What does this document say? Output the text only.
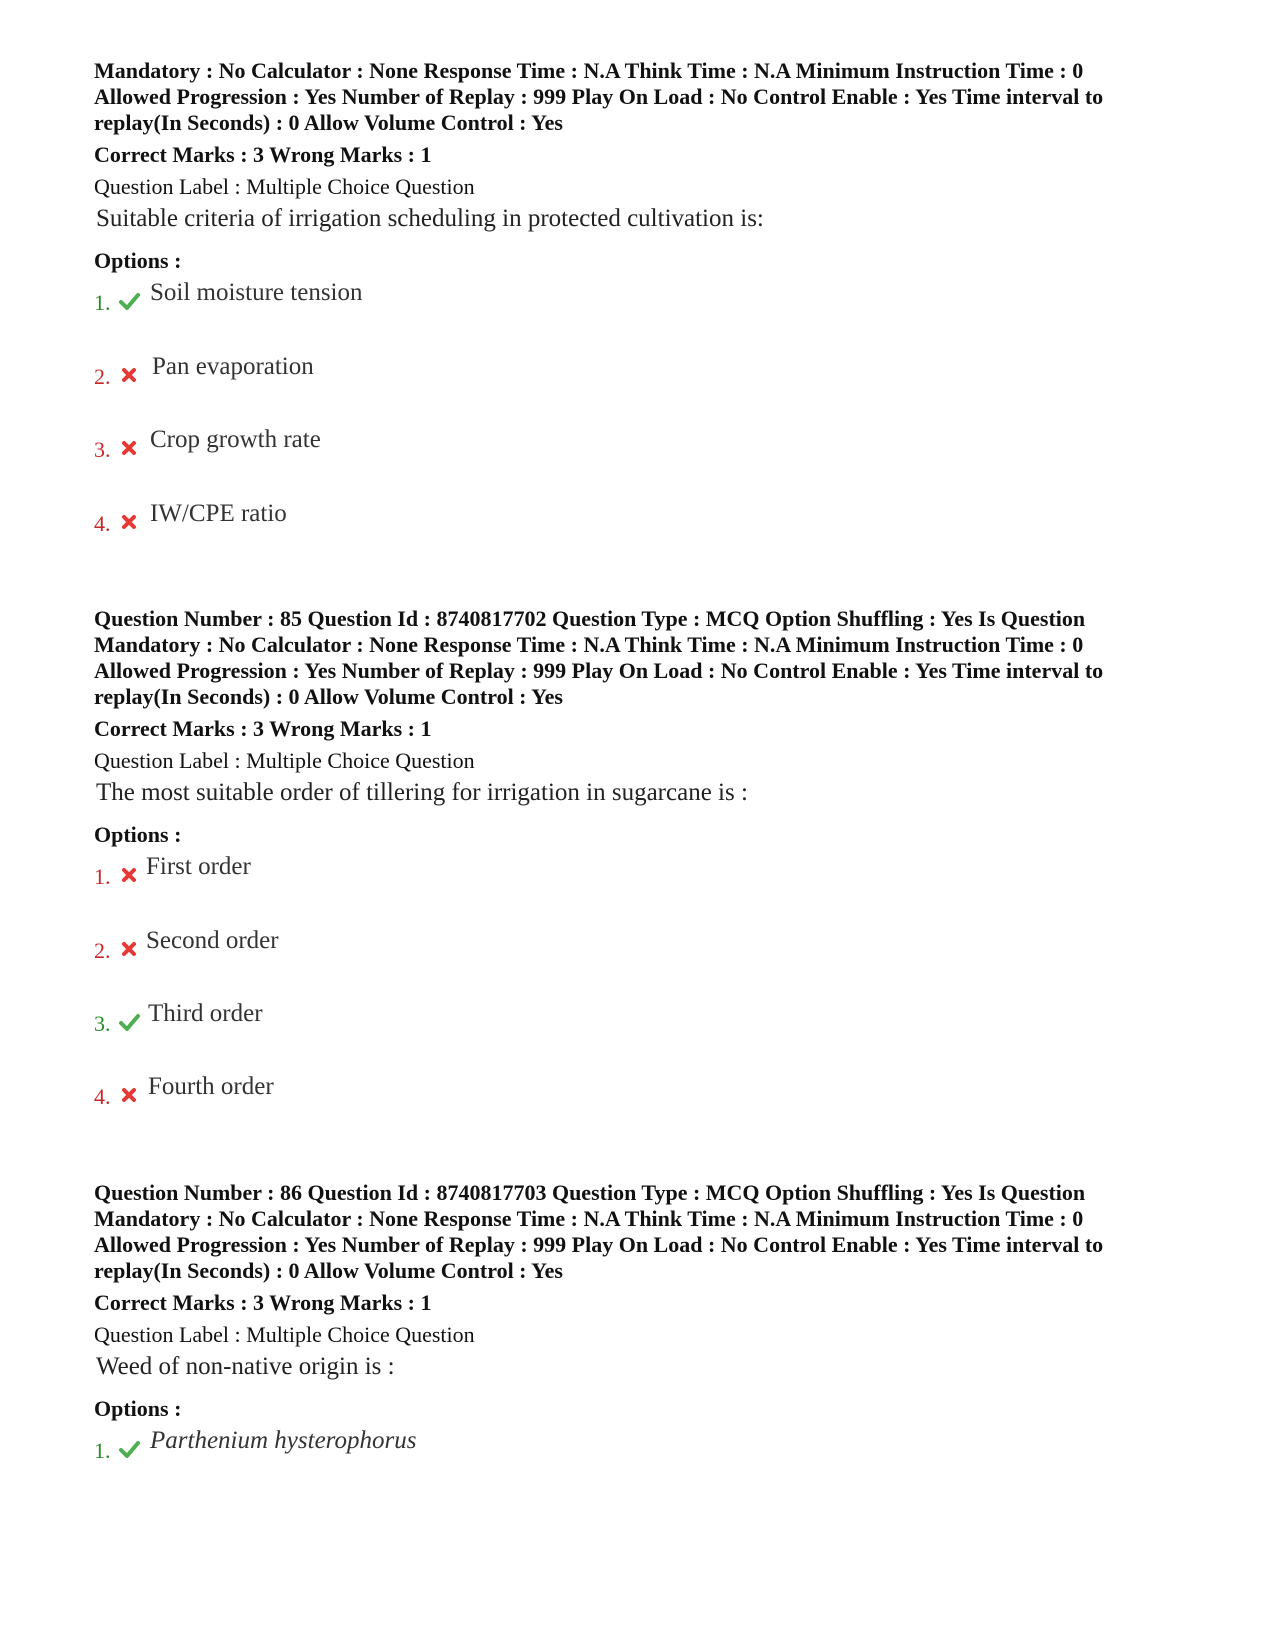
Mandatory : No Calculator : None Response Time : N.A Think Time : N.A Minimum Instruction Time : 0

Allowed Progression : Yes Number of Replay : 999 Play On Load : No Control Enable : Yes Time interval to

replay(In Seconds) : 0 Allow Volume Control : Yes

Correct Marks : 3 Wrong Marks : 1

Question Label : Multiple Choice Question

Suitable criteria of irrigation scheduling in protected cultivation is:

Options :

1. Soil moisture tension
2. Pan evaporation
3. Crop growth rate
4. IW/CPE ratio

Question Number : 85 Question Id : 8740817702 Question Type : MCQ Option Shuffling : Yes Is Question

Mandatory : No Calculator : None Response Time : N.A Think Time : N.A Minimum Instruction Time : 0

Allowed Progression : Yes Number of Replay : 999 Play On Load : No Control Enable : Yes Time interval to

replay(In Seconds) : 0 Allow Volume Control : Yes

Correct Marks : 3 Wrong Marks : 1

Question Label : Multiple Choice Question

The most suitable order of tillering for irrigation in sugarcane is :

Options :

1. First order
2. Second order
3. Third order
4. Fourth order

Question Number : 86 Question Id : 8740817703 Question Type : MCQ Option Shuffling : Yes Is Question

Mandatory : No Calculator : None Response Time : N.A Think Time : N.A Minimum Instruction Time : 0

Allowed Progression : Yes Number of Replay : 999 Play On Load : No Control Enable : Yes Time interval to

replay(In Seconds) : 0 Allow Volume Control : Yes

Correct Marks : 3 Wrong Marks : 1

Question Label : Multiple Choice Question

Weed of non-native origin is :

Options :

1. Parthenium hysterophorus
